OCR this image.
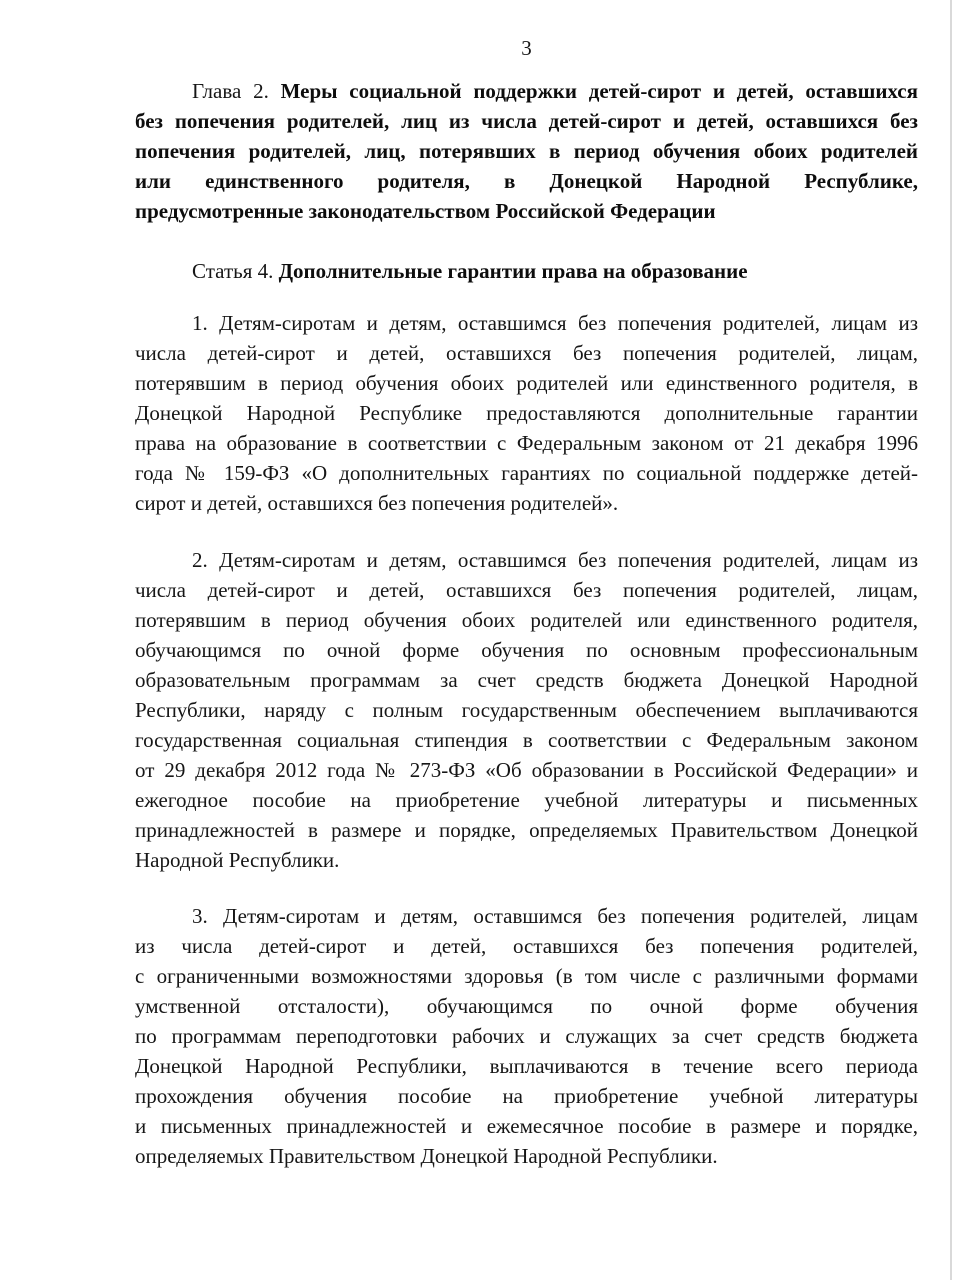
3
Глава 2. Меры социальной поддержки детей-сирот и детей, оставшихся
без попечения родителей, лиц из числа детей-сирот и детей, оставшихся без
попечения родителей, лиц, потерявших в период обучения обоих родителей
или единственного родителя, в Донецкой Народной Республике,
предусмотренные законодательством Российской Федерации
Статья 4. Дополнительные гарантии права на образование
1. Детям-сиротам и детям, оставшимся без попечения родителей, лицам из
числа детей-сирот и детей, оставшихся без попечения родителей, лицам,
потерявшим в период обучения обоих родителей или единственного родителя, в
Донецкой Народной Республике предоставляются дополнительные гарантии
права на образование в соответствии с Федеральным законом от 21 декабря 1996
года № 159-ФЗ «О дополнительных гарантиях по социальной поддержке детей-
сирот и детей, оставшихся без попечения родителей».
2. Детям-сиротам и детям, оставшимся без попечения родителей, лицам из
числа детей-сирот и детей, оставшихся без попечения родителей, лицам,
потерявшим в период обучения обоих родителей или единственного родителя,
обучающимся по очной форме обучения по основным профессиональным
образовательным программам за счет средств бюджета Донецкой Народной
Республики, наряду с полным государственным обеспечением выплачиваются
государственная социальная стипендия в соответствии с Федеральным законом
от 29 декабря 2012 года № 273-ФЗ «Об образовании в Российской Федерации» и
ежегодное пособие на приобретение учебной литературы и письменных
принадлежностей в размере и порядке, определяемых Правительством Донецкой
Народной Республики.
3. Детям-сиротам и детям, оставшимся без попечения родителей, лицам
из числа детей-сирот и детей, оставшихся без попечения родителей,
с ограниченными возможностями здоровья (в том числе с различными формами
умственной отсталости), обучающимся по очной форме обучения
по программам переподготовки рабочих и служащих за счет средств бюджета
Донецкой Народной Республики, выплачиваются в течение всего периода
прохождения обучения пособие на приобретение учебной литературы
и письменных принадлежностей и ежемесячное пособие в размере и порядке,
определяемых Правительством Донецкой Народной Республики.
